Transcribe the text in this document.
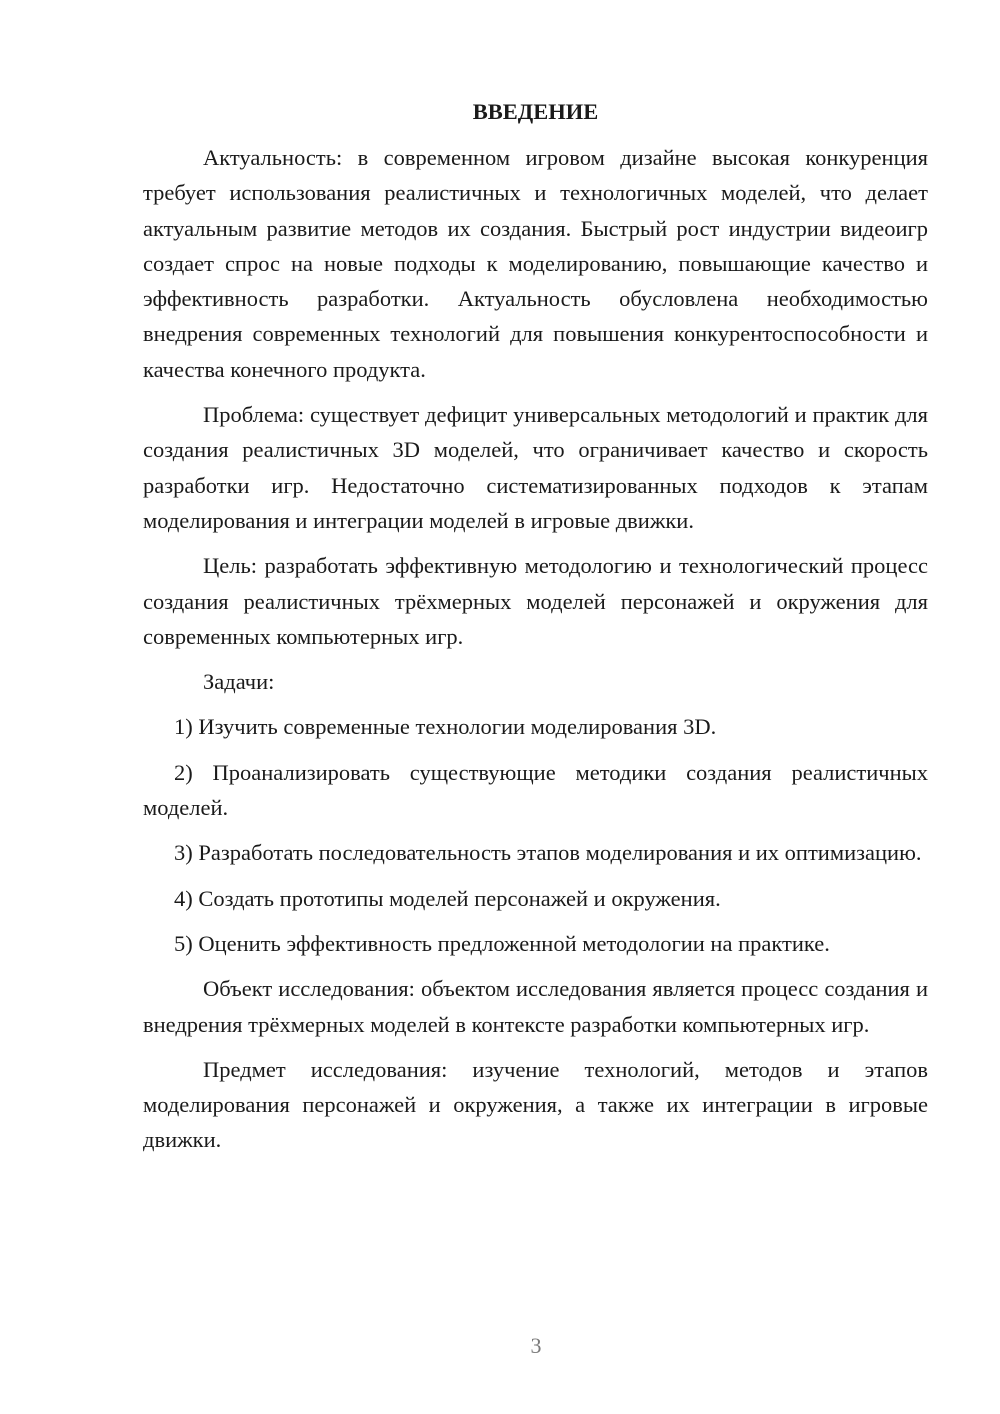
ВВЕДЕНИЕ

Актуальность: в современном игровом дизайне высокая конкуренция требует использования реалистичных и технологичных моделей, что делает актуальным развитие методов их создания. Быстрый рост индустрии видеоигр создает спрос на новые подходы к моделированию, повышающие качество и эффективность разработки. Актуальность обусловлена необходимостью внедрения современных технологий для повышения конкурентоспособности и качества конечного продукта.

Проблема: существует дефицит универсальных методологий и практик для создания реалистичных 3D моделей, что ограничивает качество и скорость разработки игр. Недостаточно систематизированных подходов к этапам моделирования и интеграции моделей в игровые движки.

Цель: разработать эффективную методологию и технологический процесс создания реалистичных трёхмерных моделей персонажей и окружения для современных компьютерных игр.

Задачи:

1) Изучить современные технологии моделирования 3D.

2) Проанализировать существующие методики создания реалистичных моделей.

3) Разработать последовательность этапов моделирования и их оптимизацию.

4) Создать прототипы моделей персонажей и окружения.

5) Оценить эффективность предложенной методологии на практике.

Объект исследования: объектом исследования является процесс создания и внедрения трёхмерных моделей в контексте разработки компьютерных игр.

Предмет исследования: изучение технологий, методов и этапов моделирования персонажей и окружения, а также их интеграции в игровые движки.

3
